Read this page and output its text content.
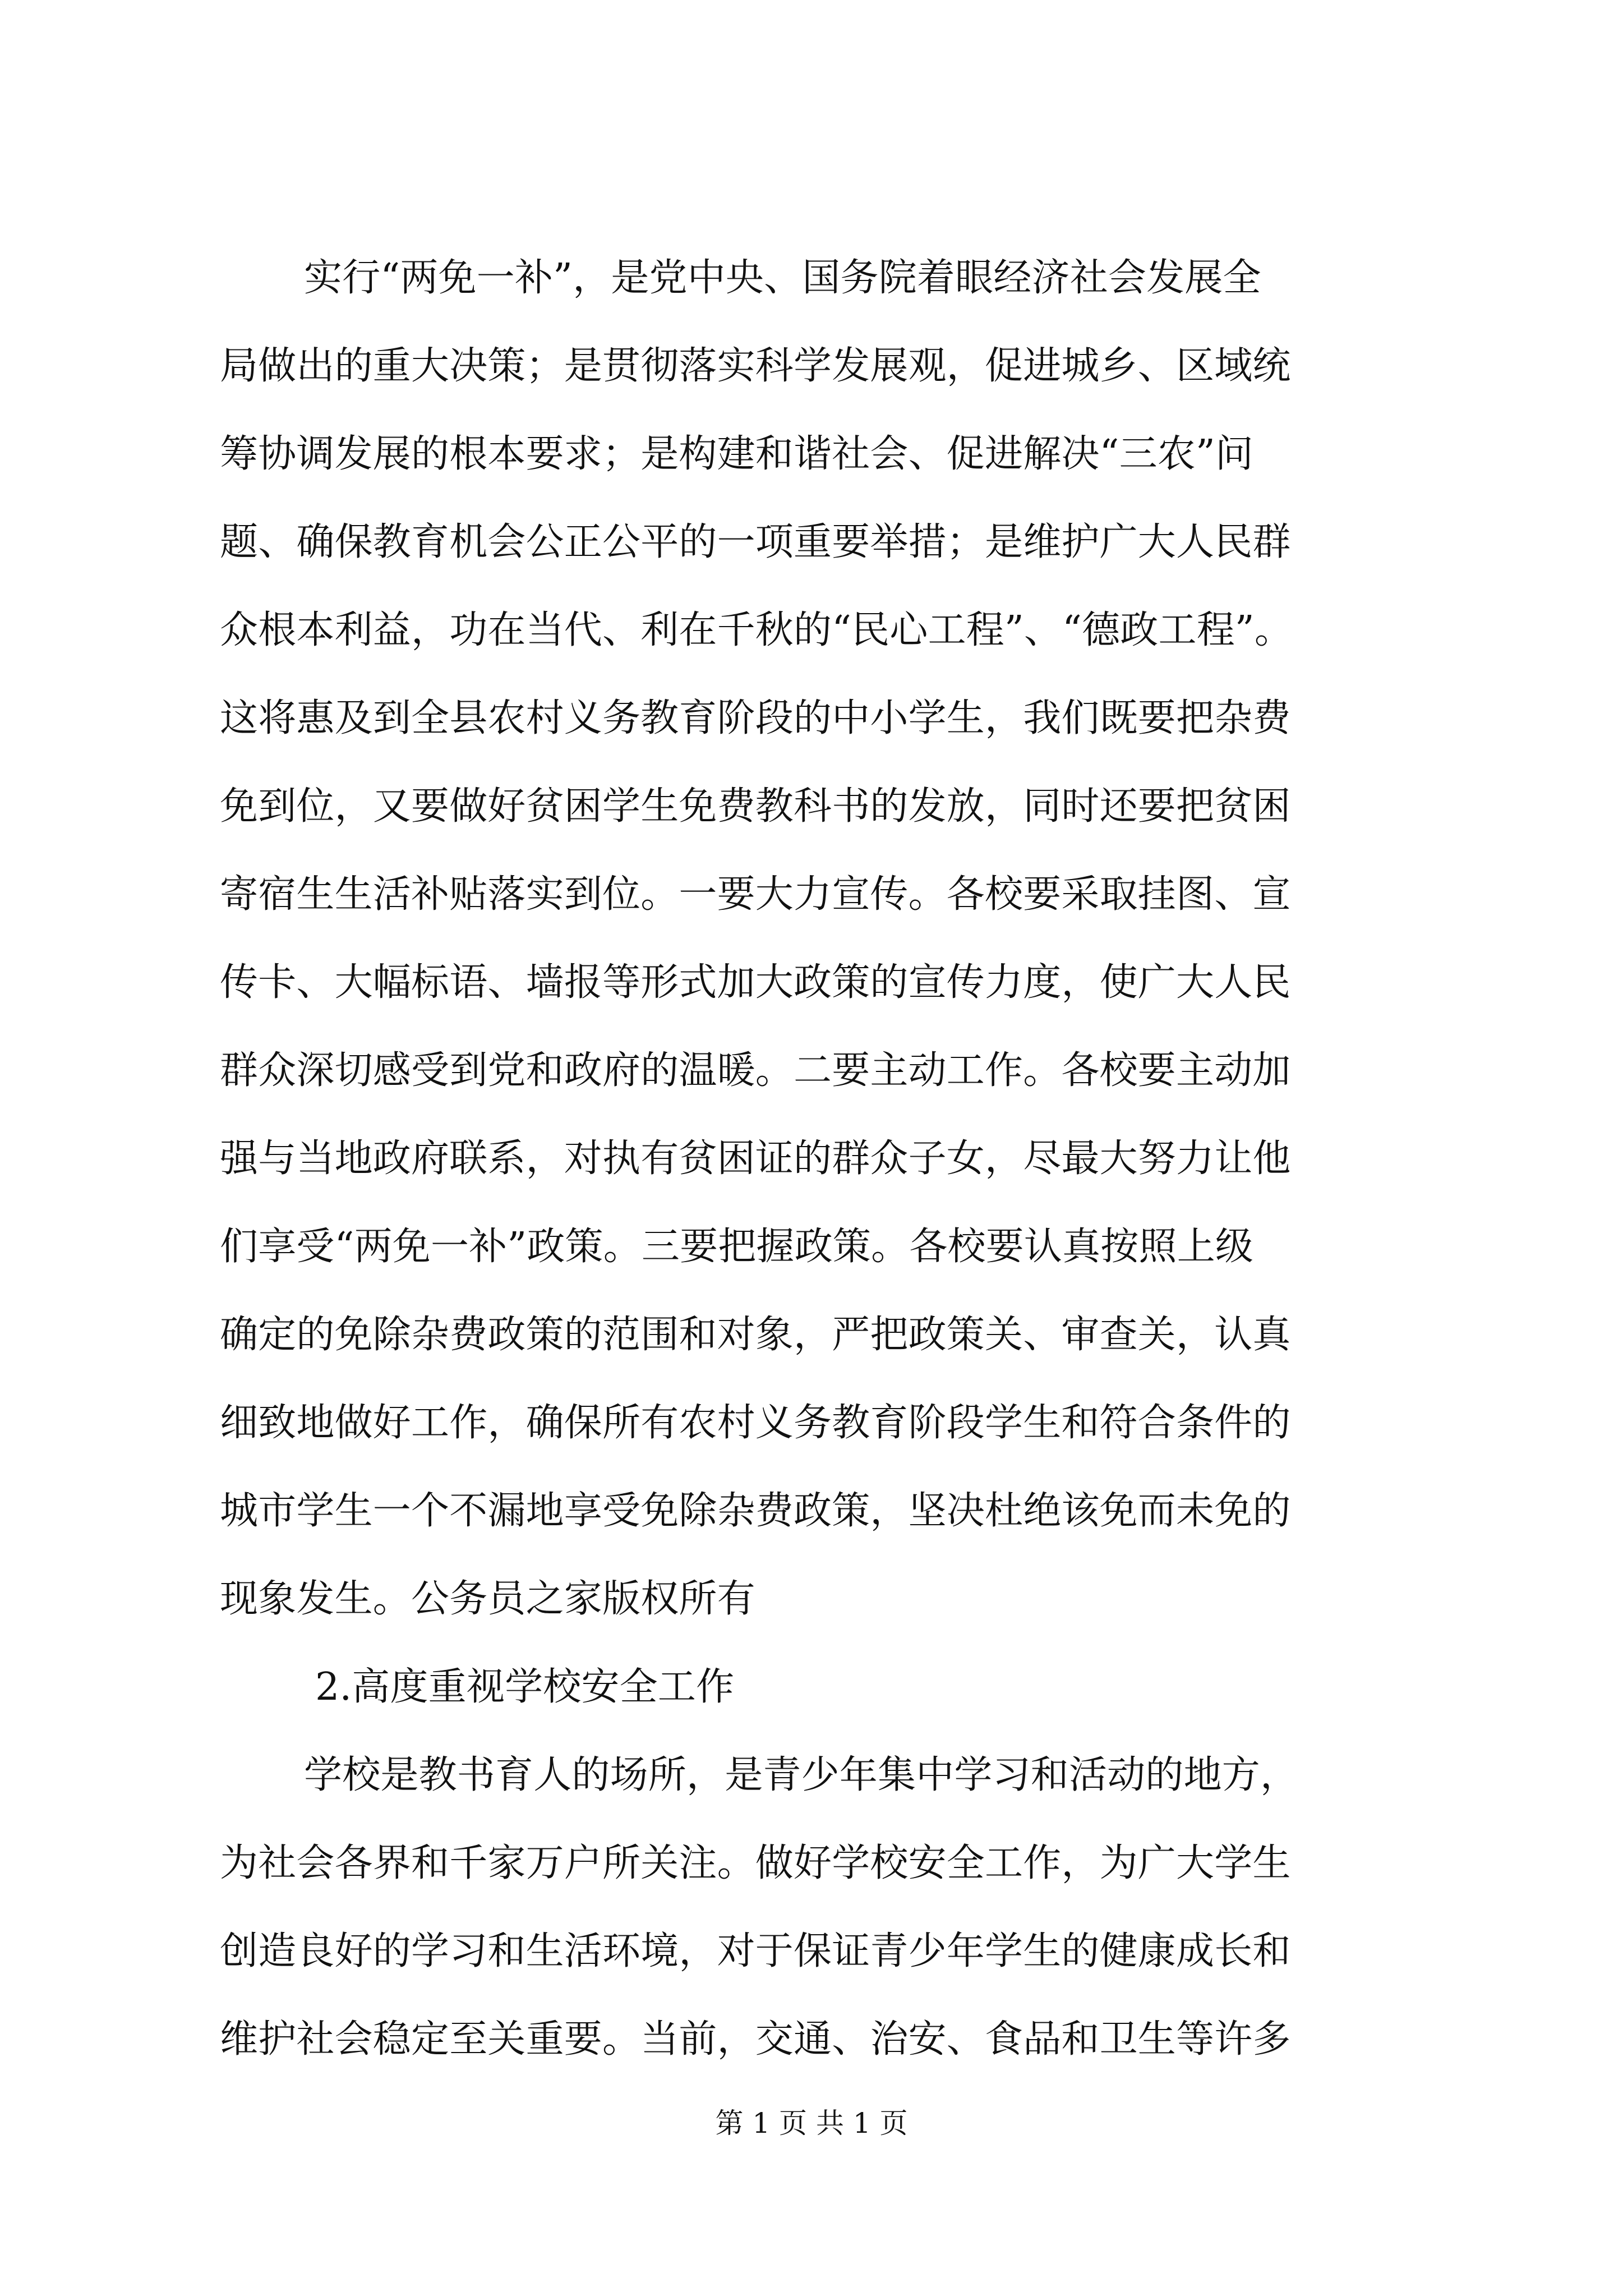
实行“两免一补”，是党中央、国务院着眼经济社会发展全
局做出的重大决策；是贯彻落实科学发展观，促进城乡、区域统
筹协调发展的根本要求；是构建和谐社会、促进解决“三农”问
题、确保教育机会公正公平的一项重要举措；是维护广大人民群
众根本利益，功在当代、利在千秋的“民心工程”、“德政工程”。
这将惠及到全县农村义务教育阶段的中小学生，我们既要把杂费
免到位，又要做好贫困学生免费教科书的发放，同时还要把贫困
寄宿生生活补贴落实到位。一要大力宣传。各校要采取挂图、宣
传卡、大幅标语、墙报等形式加大政策的宣传力度，使广大人民
群众深切感受到党和政府的温暖。二要主动工作。各校要主动加
强与当地政府联系，对执有贫困证的群众子女，尽最大努力让他
们享受“两免一补”政策。三要把握政策。各校要认真按照上级
确定的免除杂费政策的范围和对象，严把政策关、审查关，认真
细致地做好工作，确保所有农村义务教育阶段学生和符合条件的
城市学生一个不漏地享受免除杂费政策，坚决杜绝该免而未免的
现象发生。公务员之家版权所有
2.高度重视学校安全工作
学校是教书育人的场所，是青少年集中学习和活动的地方，
为社会各界和千家万户所关注。做好学校安全工作，为广大学生
创造良好的学习和生活环境，对于保证青少年学生的健康成长和
维护社会稳定至关重要。当前，交通、治安、食品和卫生等许多
第 1 页 共 1 页
